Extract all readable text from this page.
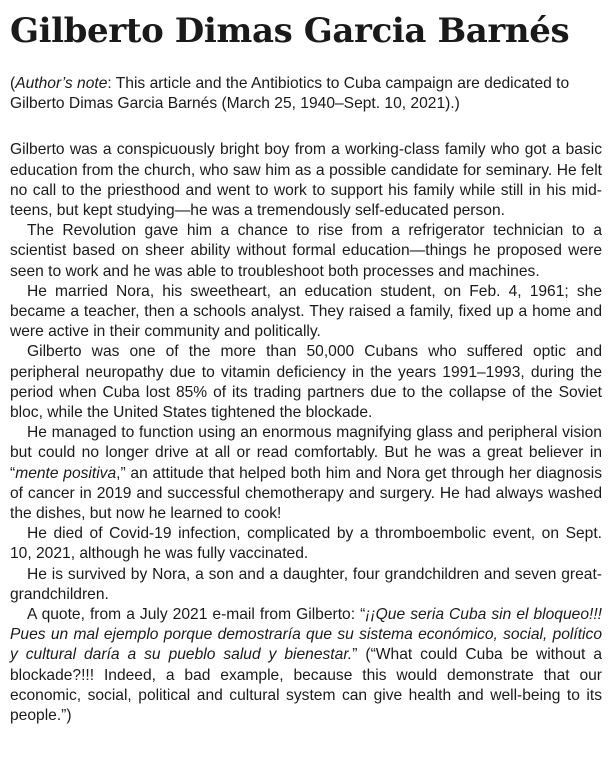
Gilberto Dimas Garcia Barnés
(Author’s note: This article and the Antibiotics to Cuba campaign are dedicated to
Gilberto Dimas Garcia Barnés (March 25, 1940–Sept. 10, 2021).)

Gilberto was a conspicuously bright boy from a working-class family who got a basic education from the church, who saw him as a possible candidate for seminary. He felt no call to the priesthood and went to work to support his family while still in his mid-teens, but kept studying—he was a tremendously self-educated person.

The Revolution gave him a chance to rise from a refrigerator technician to a scientist based on sheer ability without formal education—things he proposed were seen to work and he was able to troubleshoot both processes and machines.

He married Nora, his sweetheart, an education student, on Feb. 4, 1961; she became a teacher, then a schools analyst. They raised a family, fixed up a home and were active in their community and politically.

Gilberto was one of the more than 50,000 Cubans who suffered optic and peripheral neuropathy due to vitamin deficiency in the years 1991–1993, during the period when Cuba lost 85% of its trading partners due to the collapse of the Soviet bloc, while the United States tightened the blockade.

He managed to function using an enormous magnifying glass and peripheral vision but could no longer drive at all or read comfortably. But he was a great believer in “mente positiva,” an attitude that helped both him and Nora get through her diagnosis of cancer in 2019 and successful chemotherapy and surgery. He had always washed the dishes, but now he learned to cook!

He died of Covid-19 infection, complicated by a thromboembolic event, on Sept. 10, 2021, although he was fully vaccinated.

He is survived by Nora, a son and a daughter, four grandchildren and seven great-grandchildren.

A quote, from a July 2021 e-mail from Gilberto: “¡¡Que seria Cuba sin el bloqueo!!! Pues un mal ejemplo porque demostraría que su sistema económico, social, político y cultural daría a su pueblo salud y bienestar.” (“What could Cuba be without a blockade?!!! Indeed, a bad example, because this would demonstrate that our economic, social, political and cultural system can give health and well-being to its people.”)
